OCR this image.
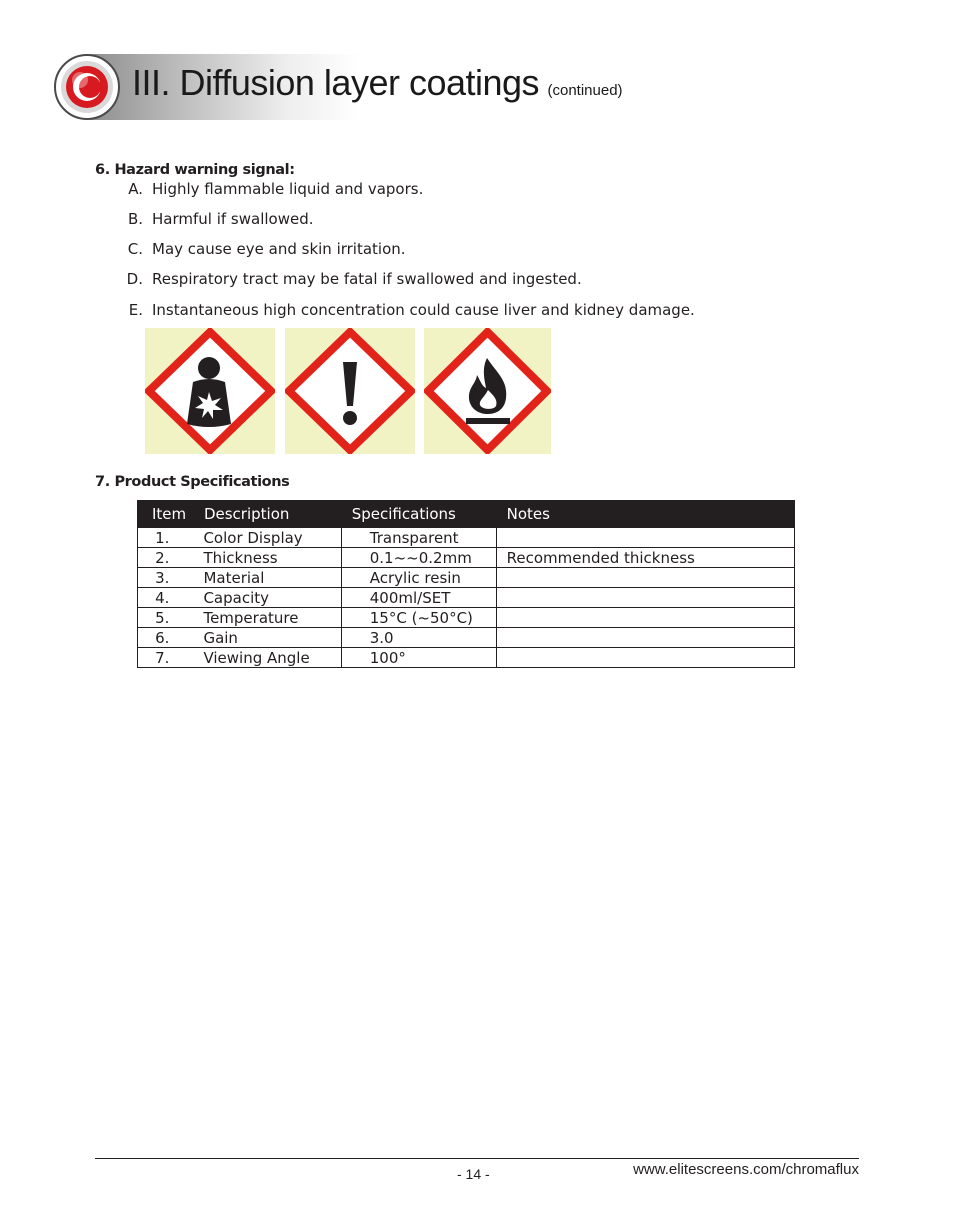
III. Diffusion layer coatings (continued)
6. Hazard warning signal:
A. Highly flammable liquid and vapors.
B. Harmful if swallowed.
C. May cause eye and skin irritation.
D. Respiratory tract may be fatal if swallowed and ingested.
E. Instantaneous high concentration could cause liver and kidney damage.
7. Product Specifications
Item	Description	Specifications	Notes
1.	Color Display	Transparent	
2.	Thickness	0.1~~0.2mm	Recommended thickness
3.	Material	Acrylic resin	
4.	Capacity	400ml/SET	
5.	Temperature	15°C (~50°C)	
6.	Gain	3.0	
7.	Viewing Angle	100°	
- 14 -	www.elitescreens.com/chromaflux
